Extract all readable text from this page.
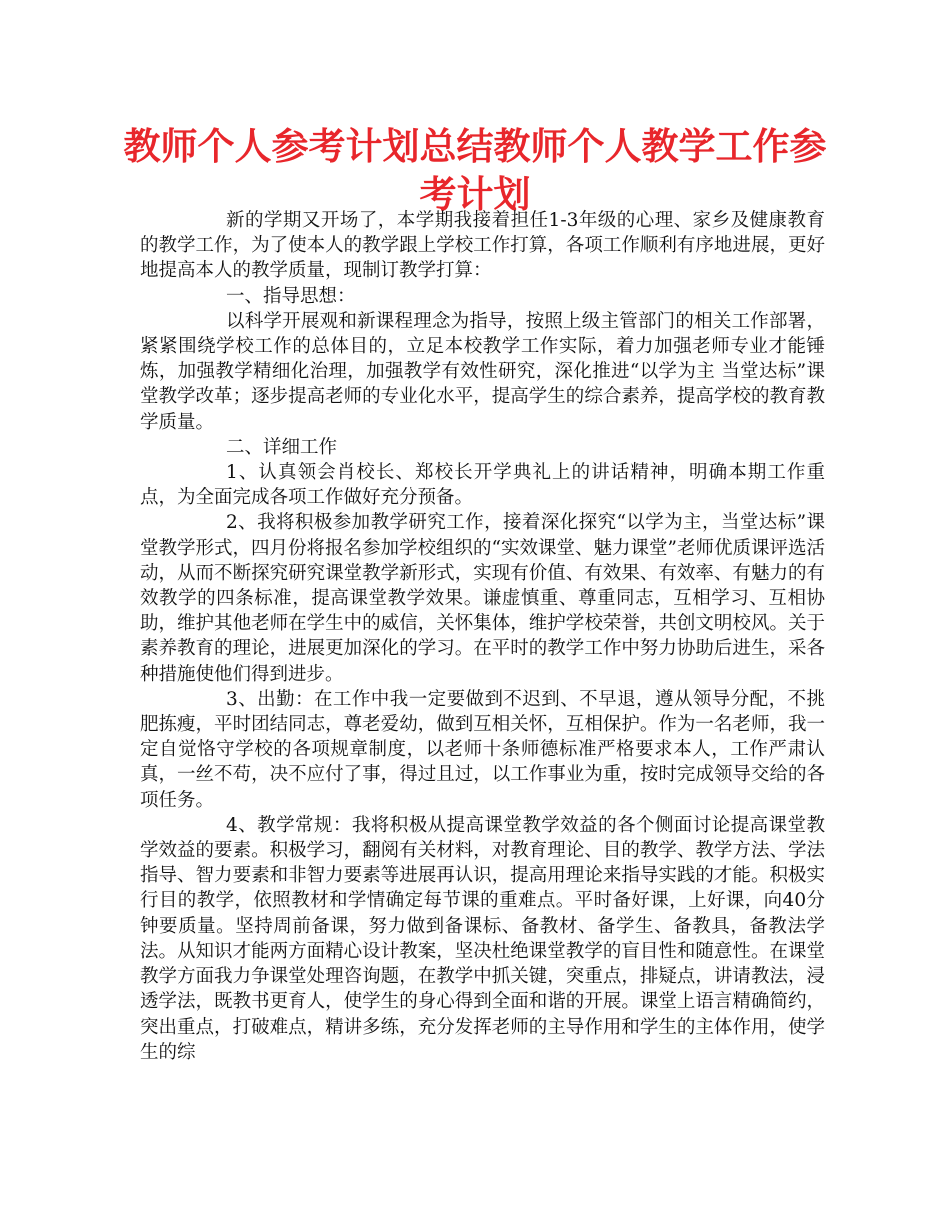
教师个人参考计划总结教师个人教学工作参考计划

新的学期又开场了，本学期我接着担任1-3年级的心理、家乡及健康教育的教学工作，为了使本人的教学跟上学校工作打算，各项工作顺利有序地进展，更好地提高本人的教学质量，现制订教学打算：

一、指导思想：

以科学开展观和新课程理念为指导，按照上级主管部门的相关工作部署，紧紧围绕学校工作的总体目的，立足本校教学工作实际，着力加强老师专业才能锤炼，加强教学精细化治理，加强教学有效性研究，深化推进“以学为主 当堂达标”课堂教学改革；逐步提高老师的专业化水平，提高学生的综合素养，提高学校的教育教学质量。

二、详细工作

1、认真领会肖校长、郑校长开学典礼上的讲话精神，明确本期工作重点，为全面完成各项工作做好充分预备。

2、我将积极参加教学研究工作，接着深化探究“以学为主，当堂达标”课堂教学形式，四月份将报名参加学校组织的“实效课堂、魅力课堂”老师优质课评选活动，从而不断探究研究课堂教学新形式，实现有价值、有效果、有效率、有魅力的有效教学的四条标准，提高课堂教学效果。谦虚慎重、尊重同志，互相学习、互相协助，维护其他老师在学生中的威信，关怀集体，维护学校荣誉，共创文明校风。关于素养教育的理论，进展更加深化的学习。在平时的教学工作中努力协助后进生，采各种措施使他们得到进步。

3、出勤：在工作中我一定要做到不迟到、不早退，遵从领导分配，不挑肥拣瘦，平时团结同志，尊老爱幼，做到互相关怀，互相保护。作为一名老师，我一定自觉恪守学校的各项规章制度，以老师十条师德标准严格要求本人，工作严肃认真，一丝不苟，决不应付了事，得过且过，以工作事业为重，按时完成领导交给的各项任务。

4、教学常规：我将积极从提高课堂教学效益的各个侧面讨论提高课堂教学效益的要素。积极学习，翻阅有关材料，对教育理论、目的教学、教学方法、学法指导、智力要素和非智力要素等进展再认识，提高用理论来指导实践的才能。积极实行目的教学，依照教材和学情确定每节课的重难点。平时备好课，上好课，向40分钟要质量。坚持周前备课，努力做到备课标、备教材、备学生、备教具，备教法学法。从知识才能两方面精心设计教案，坚决杜绝课堂教学的盲目性和随意性。在课堂教学方面我力争课堂处理咨询题，在教学中抓关键，突重点，排疑点，讲请教法，浸透学法，既教书更育人，使学生的身心得到全面和谐的开展。课堂上语言精确简约，突出重点，打破难点，精讲多练，充分发挥老师的主导作用和学生的主体作用，使学生的综
